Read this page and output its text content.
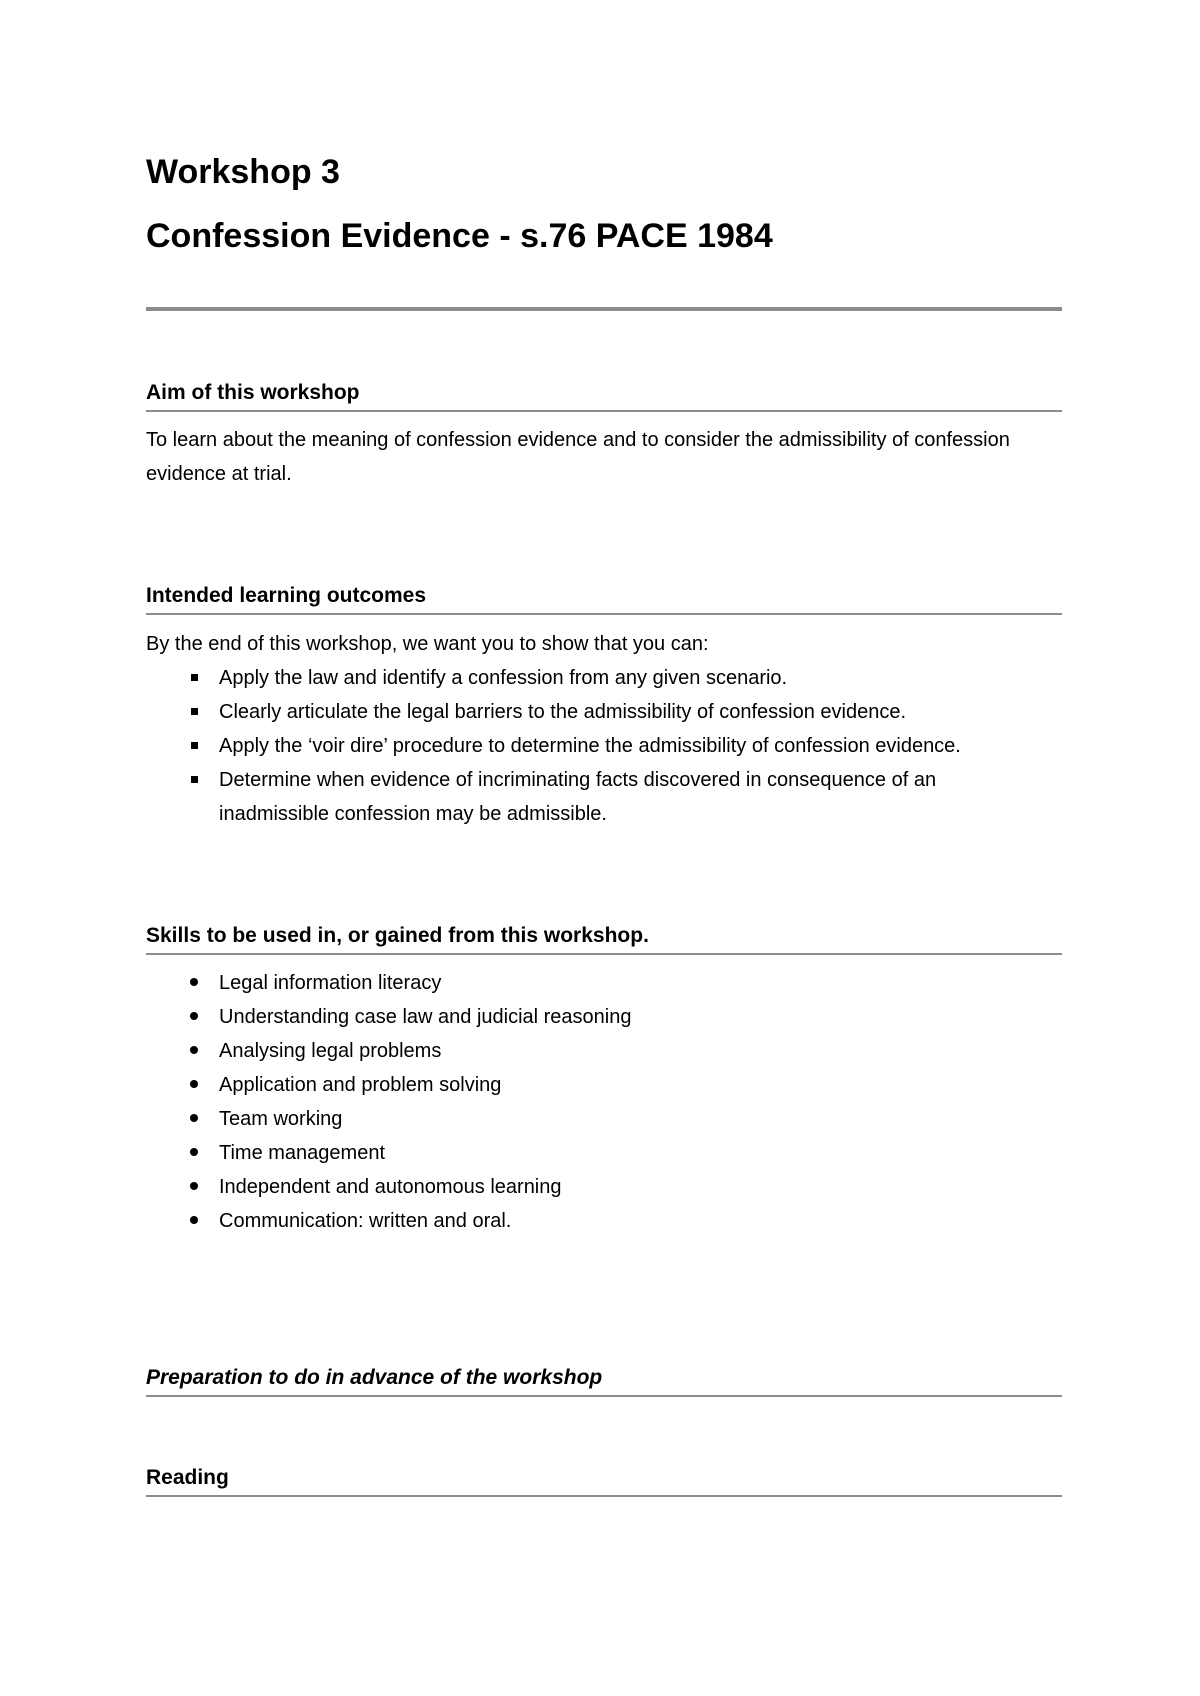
Workshop 3
Confession Evidence - s.76 PACE 1984
Aim of this workshop

To learn about the meaning of confession evidence and to consider the admissibility of confession evidence at trial.

Intended learning outcomes

By the end of this workshop, we want you to show that you can:

Apply the law and identify a confession from any given scenario.
Clearly articulate the legal barriers to the admissibility of confession evidence.
Apply the ‘voir dire’ procedure to determine the admissibility of confession evidence.
Determine when evidence of incriminating facts discovered in consequence of an inadmissible confession may be admissible.
Skills to be used in, or gained from this workshop.
Legal information literacy
Understanding case law and judicial reasoning
Analysing legal problems
Application and problem solving
Team working
Time management
Independent and autonomous learning
Communication: written and oral.
Preparation to do in advance of the workshop
Reading
